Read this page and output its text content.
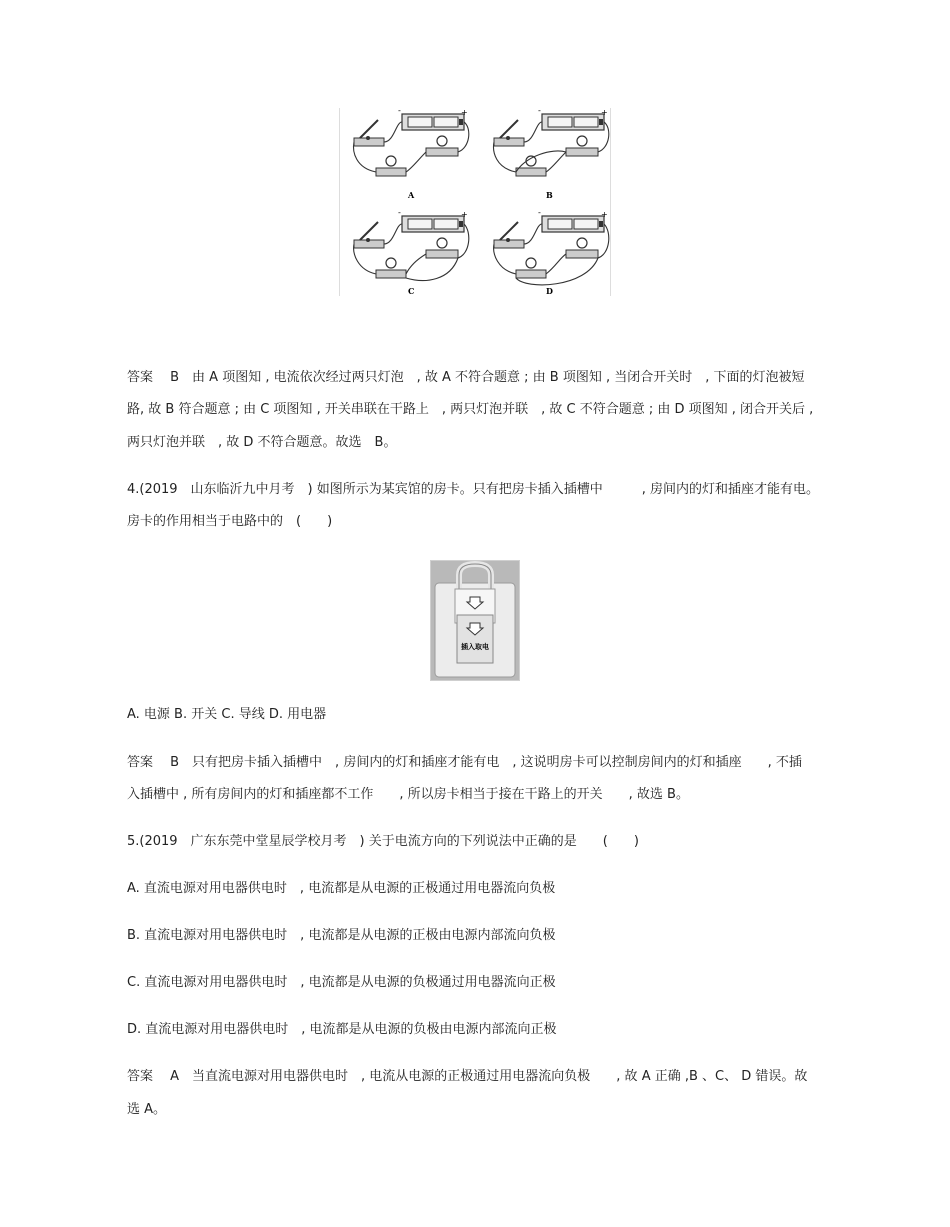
-	+	-	+
-	+	-	+
A	B
C	D
答案　 B　由 A 项图知 , 电流依次经过两只灯泡　, 故 A 不符合题意 ; 由 B 项图知 , 当闭合开关时　, 下面的灯泡被短
路, 故 B 符合题意 ; 由 C 项图知 , 开关串联在干路上　, 两只灯泡并联　, 故 C 不符合题意 ; 由 D 项图知 , 闭合开关后 ,
两只灯泡并联　, 故 D 不符合题意。故选　B。
4.(2019　山东临沂九中月考　) 如图所示为某宾馆的房卡。只有把房卡插入插槽中　　　, 房间内的灯和插座才能有电。
房卡的作用相当于电路中的　(　　)
插入取电
A. 电源 B. 开关 C. 导线 D. 用电器
答案　 B　只有把房卡插入插槽中　, 房间内的灯和插座才能有电　, 这说明房卡可以控制房间内的灯和插座　　, 不插
入插槽中 , 所有房间内的灯和插座都不工作　　, 所以房卡相当于接在干路上的开关　　, 故选 B。
5.(2019　广东东莞中堂星辰学校月考　) 关于电流方向的下列说法中正确的是　　(　　)
A. 直流电源对用电器供电时　, 电流都是从电源的正极通过用电器流向负极
B. 直流电源对用电器供电时　, 电流都是从电源的正极由电源内部流向负极
C. 直流电源对用电器供电时　, 电流都是从电源的负极通过用电器流向正极
D. 直流电源对用电器供电时　, 电流都是从电源的负极由电源内部流向正极
答案　 A　当直流电源对用电器供电时　, 电流从电源的正极通过用电器流向负极　　, 故 A 正确 ,B 、C、 D 错误。故
选 A。
